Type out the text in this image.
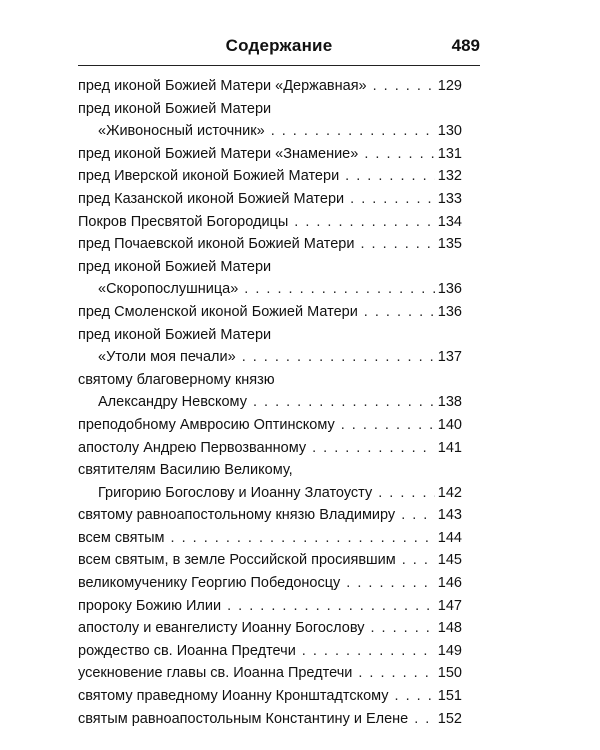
Содержание	489
пред иконой Божией Матери «Державная» . . .	129
пред иконой Божией Матери
«Живоносный источник» . . .	130
пред иконой Божией Матери «Знамение» . . .	131
пред Иверской иконой Божией Матери . . .	132
пред Казанской иконой Божией Матери . . .	133
Покров Пресвятой Богородицы . . .	134
пред Почаевской иконой Божией Матери . . .	135
пред иконой Божией Матери
«Скоропослушница» . . .	136
пред Смоленской иконой Божией Матери . . .	136
пред иконой Божией Матери
«Утоли моя печали» . . .	137
святому благоверному князю
Александру Невскому . . .	138
преподобному Амвросию Оптинскому . . .	140
апостолу Андрею Первозванному . . .	141
святителям Василию Великому,
Григорию Богослову и Иоанну Златоусту . . .	142
святому равноапостольному князю Владимиру . . .	143
всем святым . . .	144
всем святым, в земле Российской просиявшим . . .	145
великомученику Георгию Победоносцу . . .	146
пророку Божию Илии . . .	147
апостолу и евангелисту Иоанну Богослову . . .	148
рождество св. Иоанна Предтечи . . .	149
усекновение главы св. Иоанна Предтечи . . .	150
святому праведному Иоанну Кронштадтскому . . .	151
святым равноапостольным Константину и Елене . . . 152
